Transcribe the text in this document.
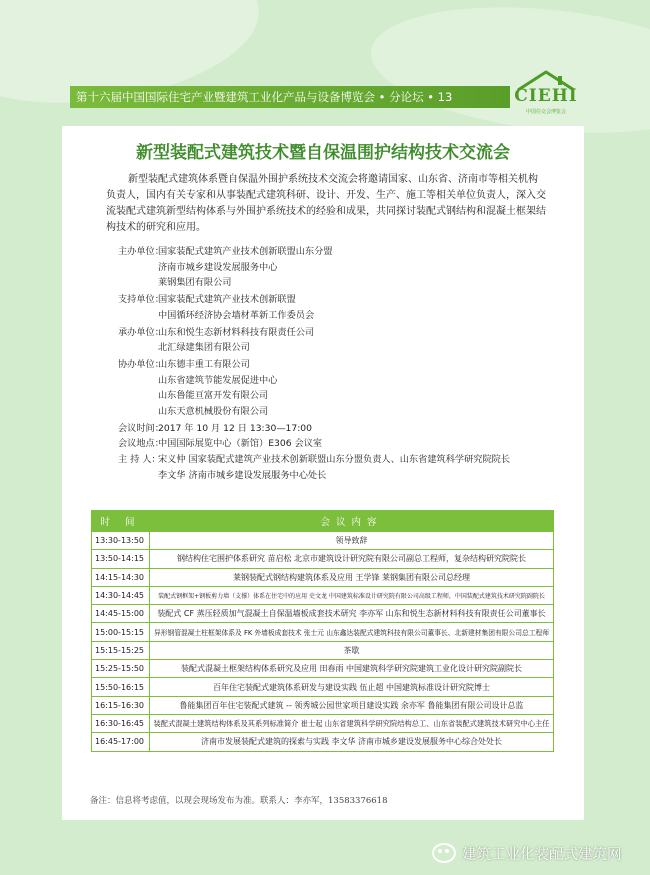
第十六届中国国际住宅产业暨建筑工业化产品与设备博览会 • 分论坛 • 13	CIEHI
中国住交会博览会
新型装配式建筑技术暨自保温围护结构技术交流会
新型装配式建筑体系暨自保温外围护系统技术交流会将邀请国家、山东省、济南市等相关机构负责人，国内有关专家和从事装配式建筑科研、设计、开发、生产、施工等相关单位负责人，深入交流装配式建筑新型结构体系与外围护系统技术的经验和成果，共同探讨装配式钢结构和混凝土框架结构技术的研究和应用。
主办单位：
国家装配式建筑产业技术创新联盟山东分盟
济南市城乡建设发展服务中心
莱钢集团有限公司
支持单位：
国家装配式建筑产业技术创新联盟
中国循环经济协会墙材革新工作委员会
承办单位：
山东和悦生态新材料科技有限责任公司
北汇绿建集团有限公司
协办单位：
山东德丰重工有限公司
山东省建筑节能发展促进中心
山东鲁能亘富开发有限公司
山东天意机械股份有限公司
会议时间：
2017 年 10 月 12 日 13:30—17:00
会议地点：
中国国际展览中心（新馆）E306 会议室
主 持 人：
宋义仲 国家装配式建筑产业技术创新联盟山东分盟负责人、山东省建筑科学研究院院长
李文华 济南市城乡建设发展服务中心处长
时 间	会议内容
13:30-13:50	领导致辞
13:50-14:15	钢结构住宅围护体系研究 苗启松 北京市建筑设计研究院有限公司副总工程师，复杂结构研究院院长
14:15-14:30	莱钢装配式钢结构建筑体系及应用 王学锋 莱钢集团有限公司总经理
14:30-14:45	装配式钢框架+钢板剪力墙（支撑）体系在住宅中的应用 史文龙 中国建筑标准设计研究院有限公司高级工程师，中国装配式建筑技术研究院副院长
14:45-15:00	装配式 CF 蒸压轻质加气混凝土自保温墙板成套技术研究 李亦军 山东和悦生态新材料科技有限责任公司董事长
15:00-15:15	异形钢管混凝土柱框架体系及 FK 外墙板成套技术 张士元 山东鑫达装配式建筑科技有限公司董事长、北新建材集团有限公司总工程师
15:15-15:25	茶歇
15:25-15:50	装配式混凝土框架结构体系研究及应用 田春雨 中国建筑科学研究院建筑工业化设计研究院副院长
15:50-16:15	百年住宅装配式建筑体系研发与建设实践 伍止超 中国建筑标准设计研究院博士
16:15-16:30	鲁能集团百年住宅装配式建筑 -- 领秀城公园世家项目建设实践 余亦军 鲁能集团有限公司设计总监
16:30-16:45	装配式混凝土建筑结构体系及其系列标准简介 崔士起 山东省建筑科学研究院结构总工、山东省装配式建筑技术研究中心主任
16:45-17:00	济南市发展装配式建筑的探索与实践 李文华 济南市城乡建设发展服务中心综合处处长
备注：信息将考虑值，以现会现场发布为准。联系人：李亦军，13583376618
建筑工业化装配式建筑网
